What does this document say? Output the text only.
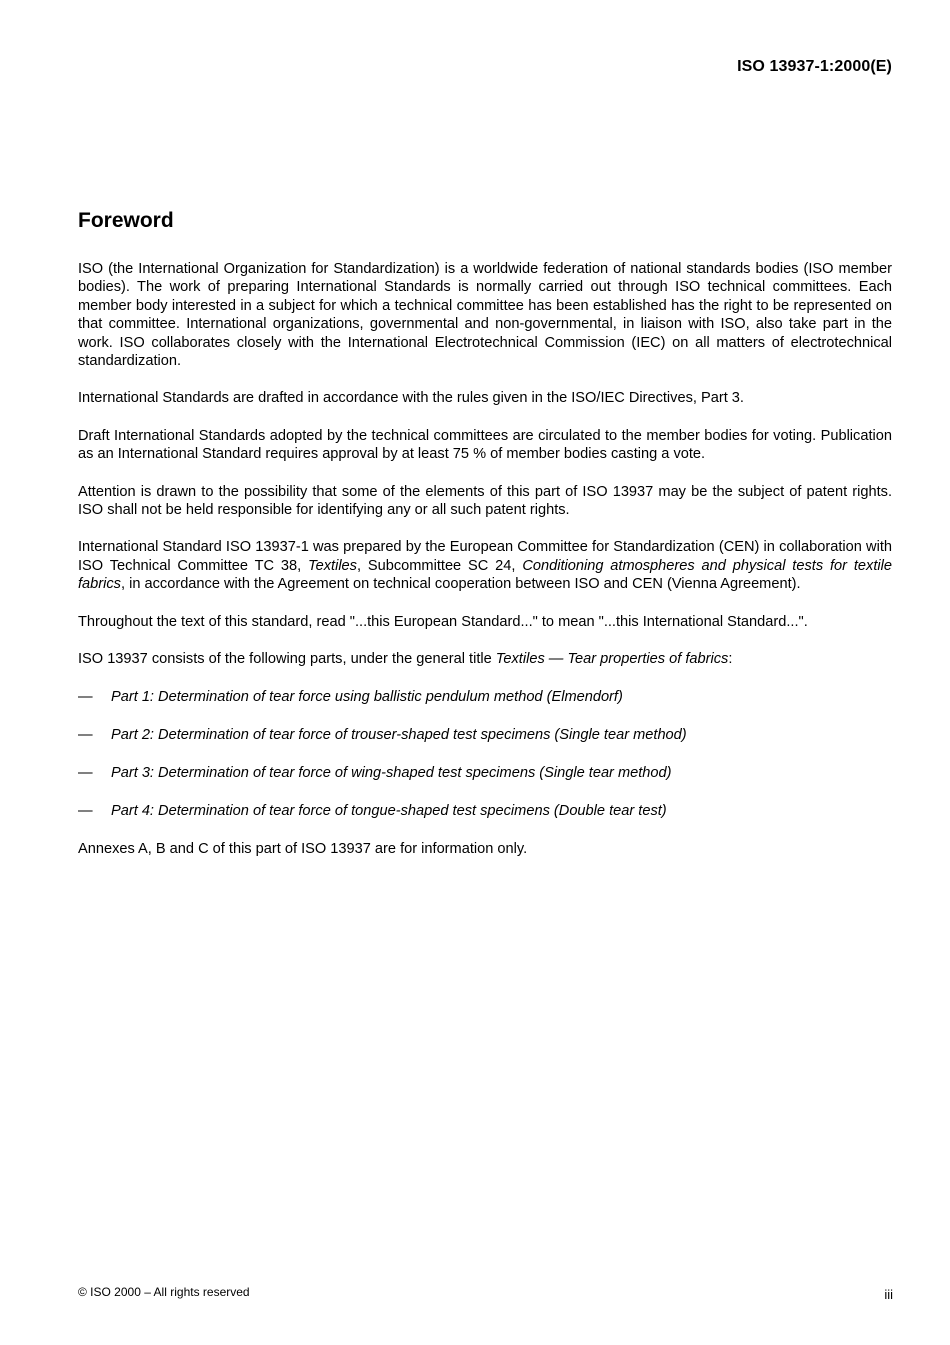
ISO 13937-1:2000(E)
Foreword

ISO (the International Organization for Standardization) is a worldwide federation of national standards bodies (ISO member bodies). The work of preparing International Standards is normally carried out through ISO technical committees. Each member body interested in a subject for which a technical committee has been established has the right to be represented on that committee. International organizations, governmental and non-governmental, in liaison with ISO, also take part in the work. ISO collaborates closely with the International Electrotechnical Commission (IEC) on all matters of electrotechnical standardization.

International Standards are drafted in accordance with the rules given in the ISO/IEC Directives, Part 3.

Draft International Standards adopted by the technical committees are circulated to the member bodies for voting. Publication as an International Standard requires approval by at least 75 % of member bodies casting a vote.

Attention is drawn to the possibility that some of the elements of this part of ISO 13937 may be the subject of patent rights. ISO shall not be held responsible for identifying any or all such patent rights.

International Standard ISO 13937-1 was prepared by the European Committee for Standardization (CEN) in collaboration with ISO Technical Committee TC 38, Textiles, Subcommittee SC 24, Conditioning atmospheres and physical tests for textile fabrics, in accordance with the Agreement on technical cooperation between ISO and CEN (Vienna Agreement).

Throughout the text of this standard, read "...this European Standard..." to mean "...this International Standard...".

ISO 13937 consists of the following parts, under the general title Textiles — Tear properties of fabrics:

—	Part 1: Determination of tear force using ballistic pendulum method (Elmendorf)
—	Part 2: Determination of tear force of trouser-shaped test specimens (Single tear method)
—	Part 3: Determination of tear force of wing-shaped test specimens (Single tear method)
—	Part 4: Determination of tear force of tongue-shaped test specimens (Double tear test)

Annexes A, B and C of this part of ISO 13937 are for information only.

© ISO 2000 – All rights reserved	iii
